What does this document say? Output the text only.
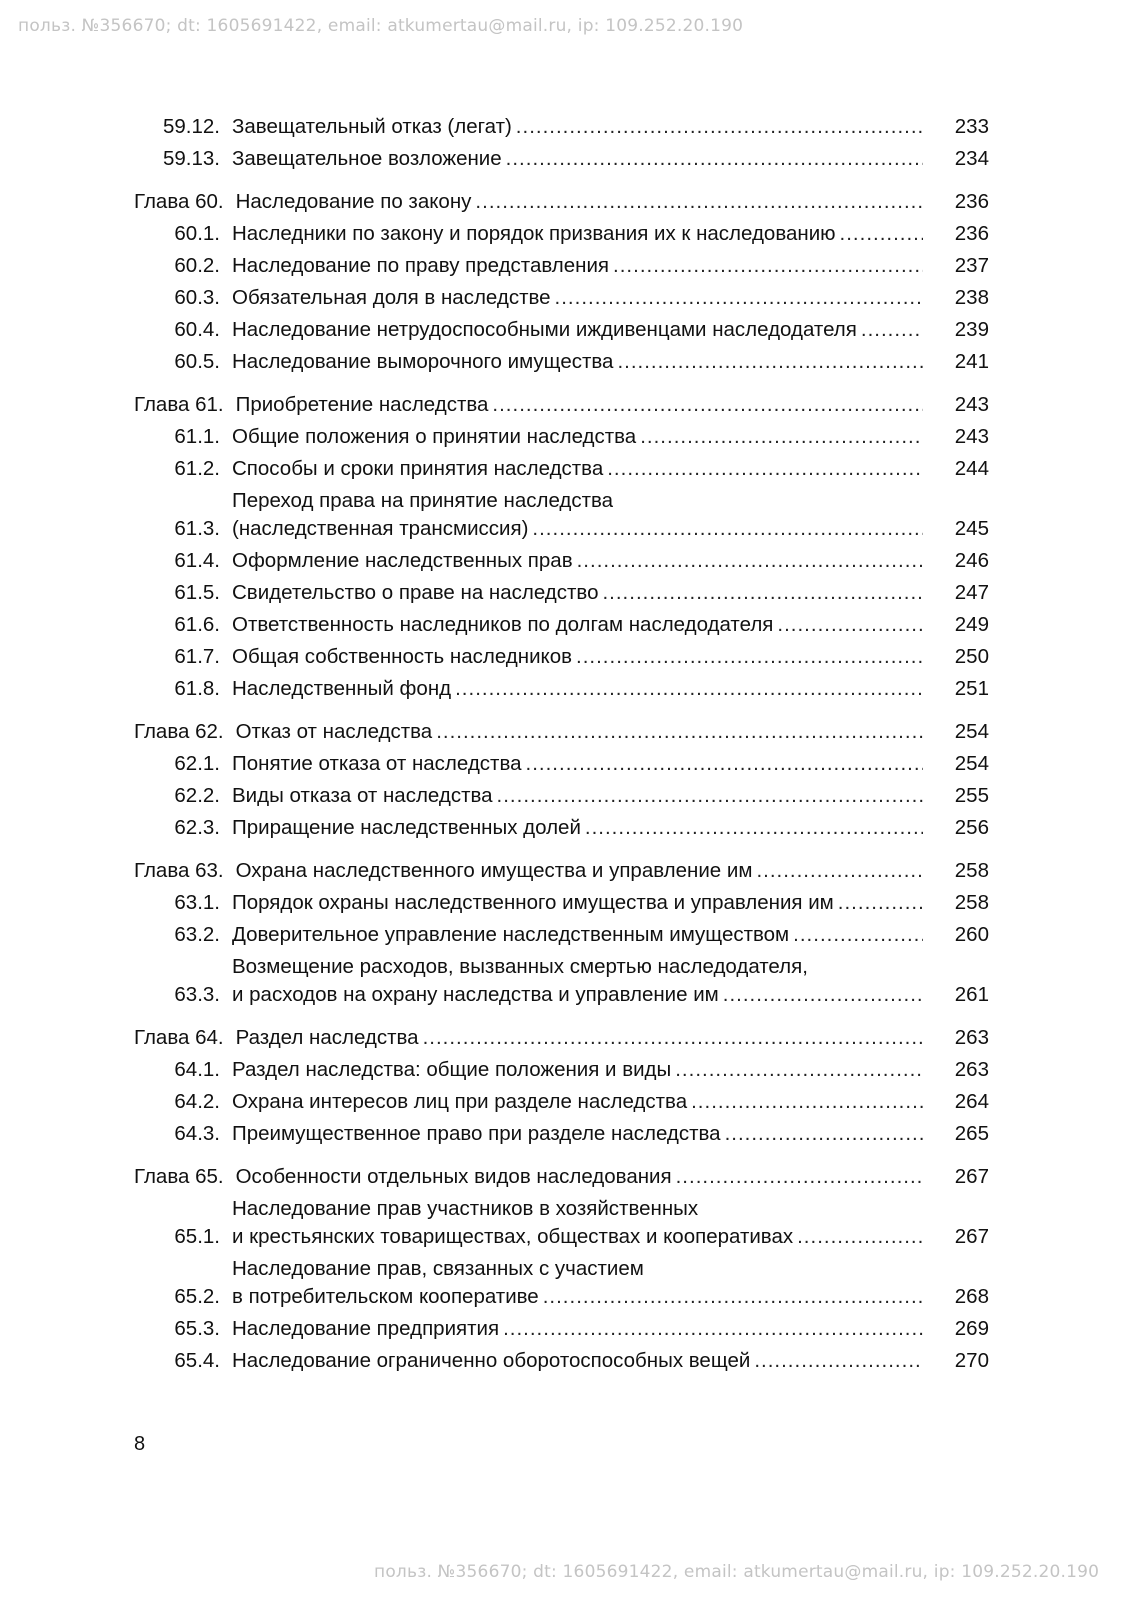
польз. №356670; dt: 1605691422, email: atkumertau@mail.ru, ip: 109.252.20.190
59.12. Завещательный отказ (легат) .....	233
59.13. Завещательное возложение .....	234
Глава 60. Наследование по закону .....	236
60.1. Наследники по закону и порядок призвания их к наследованию .....	236
60.2. Наследование по праву представления .....	237
60.3. Обязательная доля в наследстве .....	238
60.4. Наследование нетрудоспособными иждивенцами наследодателя .....	239
60.5. Наследование выморочного имущества .....	241
Глава 61. Приобретение наследства .....	243
61.1. Общие положения о принятии наследства .....	243
61.2. Способы и сроки принятия наследства .....	244
61.3.
Переход права на принятие наследства
(наследственная трансмиссия) .....	245
61.4. Оформление наследственных прав .....	246
61.5. Свидетельство о праве на наследство .....	247
61.6. Ответственность наследников по долгам наследодателя .....	249
61.7. Общая собственность наследников .....	250
61.8. Наследственный фонд .....	251
Глава 62. Отказ от наследства .....	254
62.1. Понятие отказа от наследства .....	254
62.2. Виды отказа от наследства .....	255
62.3. Приращение наследственных долей .....	256
Глава 63. Охрана наследственного имущества и управление им .....	258
63.1. Порядок охраны наследственного имущества и управления им .....	258
63.2. Доверительное управление наследственным имуществом .....	260
63.3.
Возмещение расходов, вызванных смертью наследодателя,
и расходов на охрану наследства и управление им .....	261
Глава 64. Раздел наследства .....	263
64.1. Раздел наследства: общие положения и виды .....	263
64.2. Охрана интересов лиц при разделе наследства .....	264
64.3. Преимущественное право при разделе наследства .....	265
Глава 65. Особенности отдельных видов наследования .....	267
65.1.
Наследование прав участников в хозяйственных
и крестьянских товариществах, обществах и кооперативах .....	267
65.2.
Наследование прав, связанных с участием
в потребительском кооперативе .....	268
65.3. Наследование предприятия .....	269
65.4. Наследование ограниченно оборотоспособных вещей .....	270
8
польз. №356670; dt: 1605691422, email: atkumertau@mail.ru, ip: 109.252.20.190
